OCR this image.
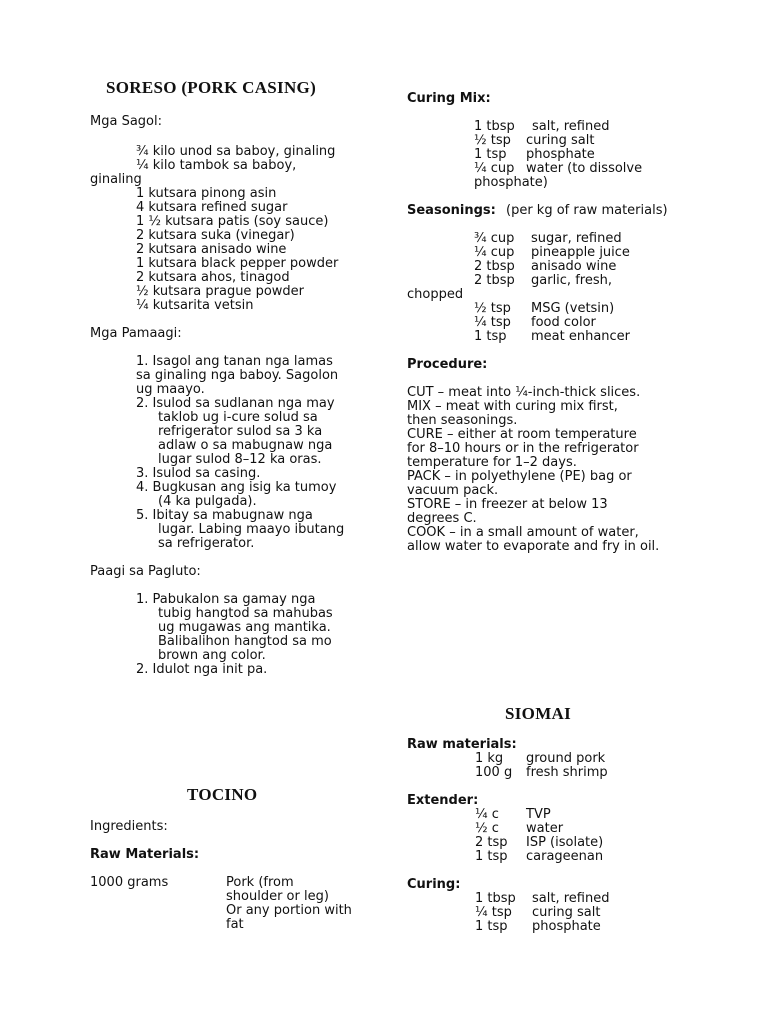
SORESO (PORK CASING)
Mga Sagol:
¾ kilo unod sa baboy, ginaling
¼ kilo tambok sa baboy,
ginaling
1 kutsara pinong asin
4 kutsara refined sugar
1 ½ kutsara patis (soy sauce)
2 kutsara suka (vinegar)
2 kutsara anisado wine
1 kutsara black pepper powder
2 kutsara ahos, tinagod
½ kutsara prague powder
¼ kutsarita vetsin
Mga Pamaagi:
1. Isagol ang tanan nga lamas
sa ginaling nga baboy. Sagolon
ug maayo.
2. Isulod sa sudlanan nga may
taklob ug i-cure solud sa
refrigerator sulod sa 3 ka
adlaw o sa mabugnaw nga
lugar sulod 8–12 ka oras.
3. Isulod sa casing.
4. Bugkusan ang isig ka tumoy
(4 ka pulgada).
5. Ibitay sa mabugnaw nga
lugar. Labing maayo ibutang
sa refrigerator.
Paagi sa Pagluto:
1. Pabukalon sa gamay nga
tubig hangtod sa mahubas
ug mugawas ang mantika.
Balibalihon hangtod sa mo
brown ang color.
2. Idulot nga init pa.
TOCINO
Ingredients:
Raw Materials:
1000 grams	Pork (from
shoulder or leg)
Or any portion with
fat
Curing Mix:
1 tbsp salt, refined
½ tsp curing salt
1 tsp phosphate
¼ cup water (to dissolve
phosphate)
Seasonings: (per kg of raw materials)
¾ cup sugar, refined
¼ cup pineapple juice
2 tbsp anisado wine
2 tbsp garlic, fresh,
chopped
½ tsp MSG (vetsin)
¼ tsp food color
1 tsp meat enhancer
Procedure:
CUT – meat into ¼-inch-thick slices.
MIX – meat with curing mix first,
then seasonings.
CURE – either at room temperature
for 8–10 hours or in the refrigerator
temperature for 1–2 days.
PACK – in polyethylene (PE) bag or
vacuum pack.
STORE – in freezer at below 13
degrees C.
COOK – in a small amount of water,
allow water to evaporate and fry in oil.
SIOMAI
Raw materials:
1 kg ground pork
100 g fresh shrimp
Extender:
¼ c TVP
½ c water
2 tsp ISP (isolate)
1 tsp carageenan
Curing:
1 tbsp salt, refined
¼ tsp curing salt
1 tsp phosphate
